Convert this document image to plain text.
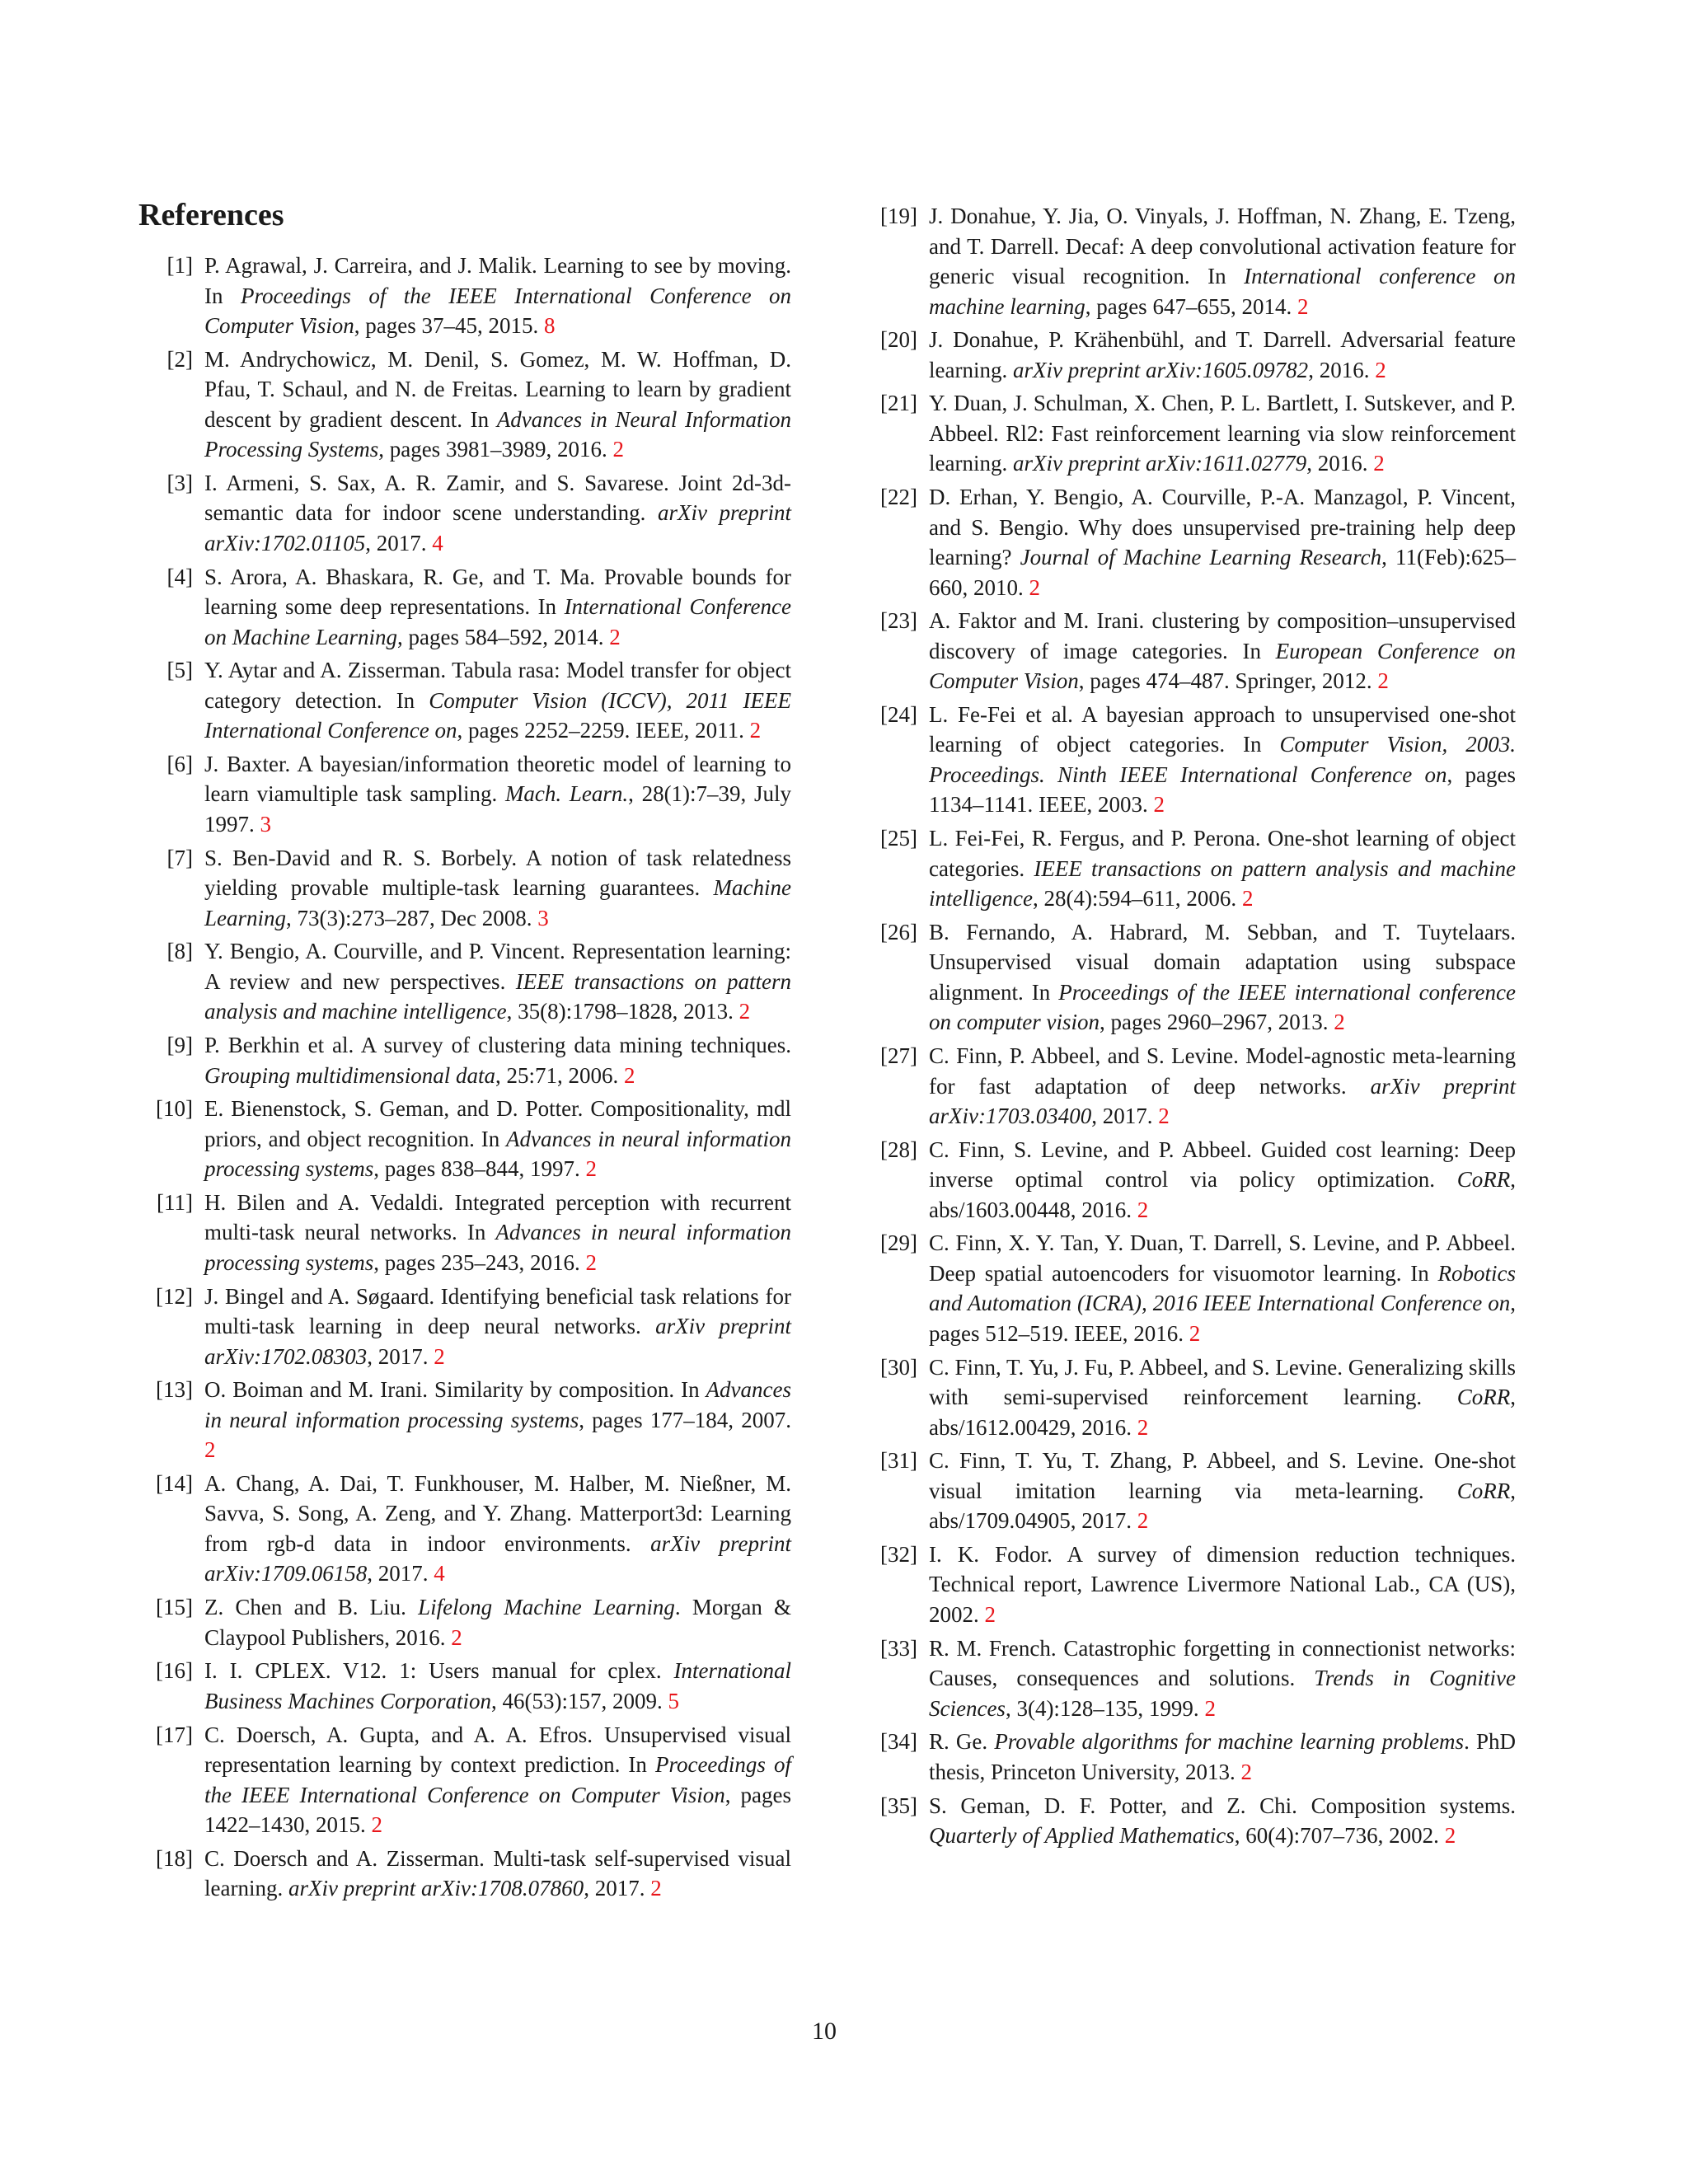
References
[1] P. Agrawal, J. Carreira, and J. Malik. Learning to see by moving. In Proceedings of the IEEE International Conference on Computer Vision, pages 37–45, 2015. 8
[2] M. Andrychowicz, M. Denil, S. Gomez, M. W. Hoffman, D. Pfau, T. Schaul, and N. de Freitas. Learning to learn by gradient descent by gradient descent. In Advances in Neural Information Processing Systems, pages 3981–3989, 2016. 2
[3] I. Armeni, S. Sax, A. R. Zamir, and S. Savarese. Joint 2d-3d-semantic data for indoor scene understanding. arXiv preprint arXiv:1702.01105, 2017. 4
[4] S. Arora, A. Bhaskara, R. Ge, and T. Ma. Provable bounds for learning some deep representations. In International Conference on Machine Learning, pages 584–592, 2014. 2
[5] Y. Aytar and A. Zisserman. Tabula rasa: Model transfer for object category detection. In Computer Vision (ICCV), 2011 IEEE International Conference on, pages 2252–2259. IEEE, 2011. 2
[6] J. Baxter. A bayesian/information theoretic model of learning to learn viamultiple task sampling. Mach. Learn., 28(1):7–39, July 1997. 3
[7] S. Ben-David and R. S. Borbely. A notion of task relatedness yielding provable multiple-task learning guarantees. Machine Learning, 73(3):273–287, Dec 2008. 3
[8] Y. Bengio, A. Courville, and P. Vincent. Representation learning: A review and new perspectives. IEEE transactions on pattern analysis and machine intelligence, 35(8):1798–1828, 2013. 2
[9] P. Berkhin et al. A survey of clustering data mining techniques. Grouping multidimensional data, 25:71, 2006. 2
[10] E. Bienenstock, S. Geman, and D. Potter. Compositionality, mdl priors, and object recognition. In Advances in neural information processing systems, pages 838–844, 1997. 2
[11] H. Bilen and A. Vedaldi. Integrated perception with recurrent multi-task neural networks. In Advances in neural information processing systems, pages 235–243, 2016. 2
[12] J. Bingel and A. Søgaard. Identifying beneficial task relations for multi-task learning in deep neural networks. arXiv preprint arXiv:1702.08303, 2017. 2
[13] O. Boiman and M. Irani. Similarity by composition. In Advances in neural information processing systems, pages 177–184, 2007. 2
[14] A. Chang, A. Dai, T. Funkhouser, M. Halber, M. Nießner, M. Savva, S. Song, A. Zeng, and Y. Zhang. Matterport3d: Learning from rgb-d data in indoor environments. arXiv preprint arXiv:1709.06158, 2017. 4
[15] Z. Chen and B. Liu. Lifelong Machine Learning. Morgan & Claypool Publishers, 2016. 2
[16] I. I. CPLEX. V12. 1: Users manual for cplex. International Business Machines Corporation, 46(53):157, 2009. 5
[17] C. Doersch, A. Gupta, and A. A. Efros. Unsupervised visual representation learning by context prediction. In Proceedings of the IEEE International Conference on Computer Vision, pages 1422–1430, 2015. 2
[18] C. Doersch and A. Zisserman. Multi-task self-supervised visual learning. arXiv preprint arXiv:1708.07860, 2017. 2
[19] J. Donahue, Y. Jia, O. Vinyals, J. Hoffman, N. Zhang, E. Tzeng, and T. Darrell. Decaf: A deep convolutional activation feature for generic visual recognition. In International conference on machine learning, pages 647–655, 2014. 2
[20] J. Donahue, P. Krähenbühl, and T. Darrell. Adversarial feature learning. arXiv preprint arXiv:1605.09782, 2016. 2
[21] Y. Duan, J. Schulman, X. Chen, P. L. Bartlett, I. Sutskever, and P. Abbeel. Rl2: Fast reinforcement learning via slow reinforcement learning. arXiv preprint arXiv:1611.02779, 2016. 2
[22] D. Erhan, Y. Bengio, A. Courville, P.-A. Manzagol, P. Vincent, and S. Bengio. Why does unsupervised pre-training help deep learning? Journal of Machine Learning Research, 11(Feb):625–660, 2010. 2
[23] A. Faktor and M. Irani. clustering by composition–unsupervised discovery of image categories. In European Conference on Computer Vision, pages 474–487. Springer, 2012. 2
[24] L. Fe-Fei et al. A bayesian approach to unsupervised one-shot learning of object categories. In Computer Vision, 2003. Proceedings. Ninth IEEE International Conference on, pages 1134–1141. IEEE, 2003. 2
[25] L. Fei-Fei, R. Fergus, and P. Perona. One-shot learning of object categories. IEEE transactions on pattern analysis and machine intelligence, 28(4):594–611, 2006. 2
[26] B. Fernando, A. Habrard, M. Sebban, and T. Tuytelaars. Unsupervised visual domain adaptation using subspace alignment. In Proceedings of the IEEE international conference on computer vision, pages 2960–2967, 2013. 2
[27] C. Finn, P. Abbeel, and S. Levine. Model-agnostic meta-learning for fast adaptation of deep networks. arXiv preprint arXiv:1703.03400, 2017. 2
[28] C. Finn, S. Levine, and P. Abbeel. Guided cost learning: Deep inverse optimal control via policy optimization. CoRR, abs/1603.00448, 2016. 2
[29] C. Finn, X. Y. Tan, Y. Duan, T. Darrell, S. Levine, and P. Abbeel. Deep spatial autoencoders for visuomotor learning. In Robotics and Automation (ICRA), 2016 IEEE International Conference on, pages 512–519. IEEE, 2016. 2
[30] C. Finn, T. Yu, J. Fu, P. Abbeel, and S. Levine. Generalizing skills with semi-supervised reinforcement learning. CoRR, abs/1612.00429, 2016. 2
[31] C. Finn, T. Yu, T. Zhang, P. Abbeel, and S. Levine. One-shot visual imitation learning via meta-learning. CoRR, abs/1709.04905, 2017. 2
[32] I. K. Fodor. A survey of dimension reduction techniques. Technical report, Lawrence Livermore National Lab., CA (US), 2002. 2
[33] R. M. French. Catastrophic forgetting in connectionist networks: Causes, consequences and solutions. Trends in Cognitive Sciences, 3(4):128–135, 1999. 2
[34] R. Ge. Provable algorithms for machine learning problems. PhD thesis, Princeton University, 2013. 2
[35] S. Geman, D. F. Potter, and Z. Chi. Composition systems. Quarterly of Applied Mathematics, 60(4):707–736, 2002. 2
10
